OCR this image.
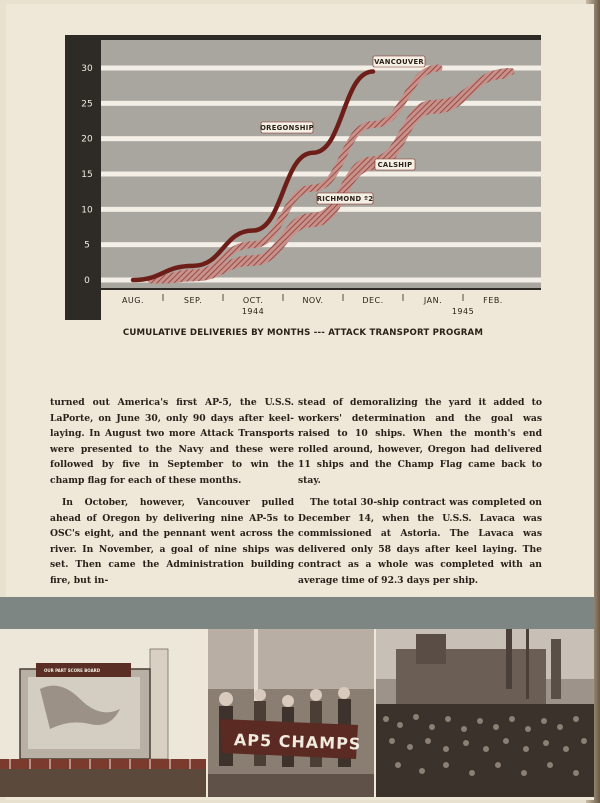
0
5
10
15
20
25
30
AUG.	SEP.	OCT.	NOV.	DEC.	JAN.	FEB.
1944	1945
OREGONSHIP
VANCOUVER
CALSHIP
RICHMOND º2
CUMULATIVE DELIVERIES BY MONTHS --- ATTACK TRANSPORT PROGRAM

turned out America's first AP-5, the U.S.S. LaPorte, on June 30, only 90 days after keel-laying. In August two more Attack Transports were presented to the Navy and these were followed by five in September to win the champ flag for each of these months.

In October, however, Vancouver pulled ahead of Oregon by delivering nine AP-5s to OSC's eight, and the pennant went across the river. In November, a goal of nine ships was set. Then came the Administration building fire, but in-

stead of demoralizing the yard it added to workers' determination and the goal was raised to 10 ships. When the month's end rolled around, however, Oregon had delivered 11 ships and the Champ Flag came back to stay.

The total 30-ship contract was completed on December 14, when the U.S.S. Lavaca was commissioned at Astoria. The Lavaca was delivered only 58 days after keel laying. The contract as a whole was completed with an average time of 92.3 days per ship.

OUR PART SCORE BOARD
AP5 CHAMPS
